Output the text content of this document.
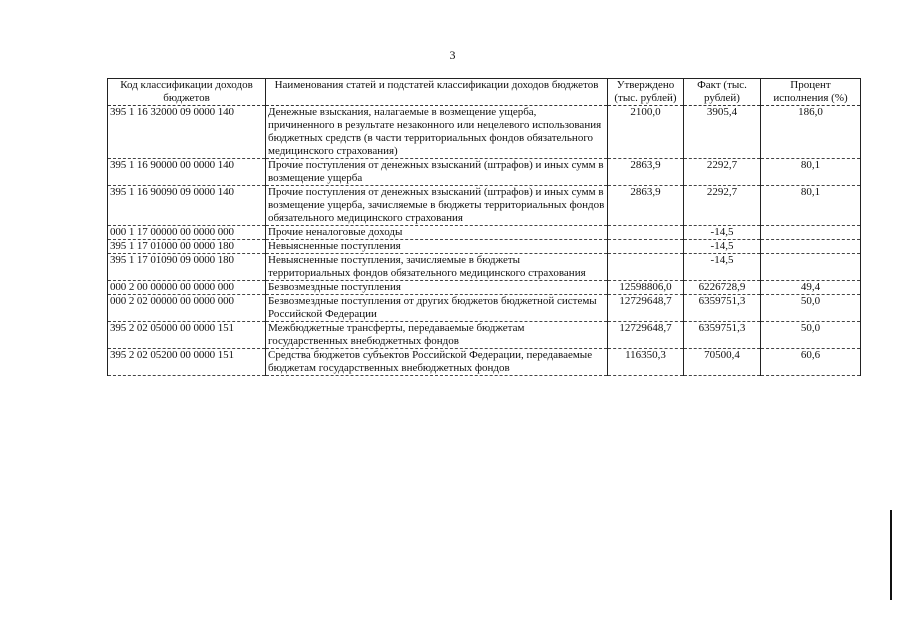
3
Код классификации доходов бюджетов	Наименования статей и подстатей классификации доходов бюджетов	Утверждено (тыс. рублей)	Факт (тыс. рублей)	Процент исполнения (%)
395 1 16 32000 09 0000 140	Денежные взыскания, налагаемые в возмещение ущерба, причиненного в результате незаконного или нецелевого использования бюджетных средств (в части территориальных фондов обязательного медицинского страхования)	2100,0	3905,4	186,0
395 1 16 90000 00 0000 140	Прочие поступления от денежных взысканий (штрафов) и иных сумм в возмещение ущерба	2863,9	2292,7	80,1
395 1 16 90090 09 0000 140	Прочие поступления от денежных взысканий (штрафов) и иных сумм в возмещение ущерба, зачисляемые в бюджеты территориальных фондов обязательного медицинского страхования	2863,9	2292,7	80,1
000 1 17 00000 00 0000 000	Прочие неналоговые доходы		-14,5	
395 1 17 01000 00 0000 180	Невыясненные поступления		-14,5	
395 1 17 01090 09 0000 180	Невыясненные поступления, зачисляемые в бюджеты территориальных фондов обязательного медицинского страхования		-14,5	
000 2 00 00000 00 0000 000	Безвозмездные поступления	12598806,0	6226728,9	49,4
000 2 02 00000 00 0000 000	Безвозмездные поступления от других бюджетов бюджетной системы Российской Федерации	12729648,7	6359751,3	50,0
395 2 02 05000 00 0000 151	Межбюджетные трансферты, передаваемые бюджетам государственных внебюджетных фондов	12729648,7	6359751,3	50,0
395 2 02 05200 00 0000 151	Средства бюджетов субъектов Российской Федерации, передаваемые бюджетам государственных внебюджетных фондов	116350,3	70500,4	60,6
